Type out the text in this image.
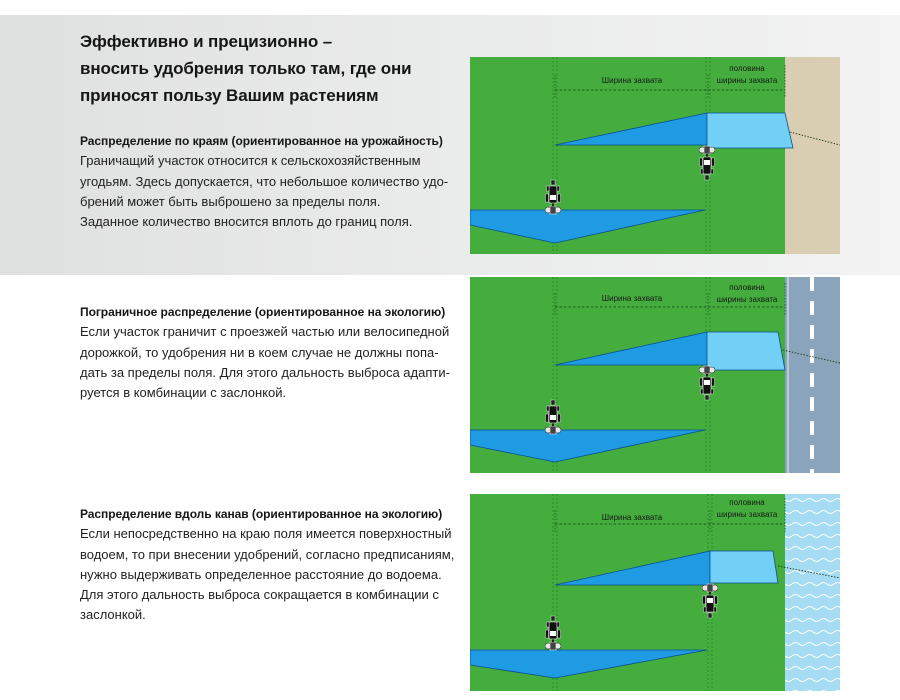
Эффективно и прецизионно –
вносить удобрения только там, где они
приносят пользу Вашим растениям
Распределение по краям (ориентированное на урожайность)
Граничащий участок относится к сельскохозяйственным
угодьям. Здесь допускается, что небольшое количество удо-
брений может быть выброшено за пределы поля.
Заданное количество вносится вплоть до границ поля.
Ширина захвата
половина
ширины захвата
Пограничное распределение (ориентированное на экологию)
Если участок граничит с проезжей частью или велосипедной
дорожкой, то удобрения ни в коем случае не должны попа-
дать за пределы поля. Для этого дальность выброса адапти-
руется в комбинации с заслонкой.
Ширина захвата
половина
ширины захвата
Распределение вдоль канав (ориентированное на экологию)
Если непосредственно на краю поля имеется поверхностный
водоем, то при внесении удобрений, согласно предписаниям,
нужно выдерживать определенное расстояние до водоема.
Для этого дальность выброса сокращается в комбинации с
заслонкой.
Ширина захвата
половина
ширины захвата
